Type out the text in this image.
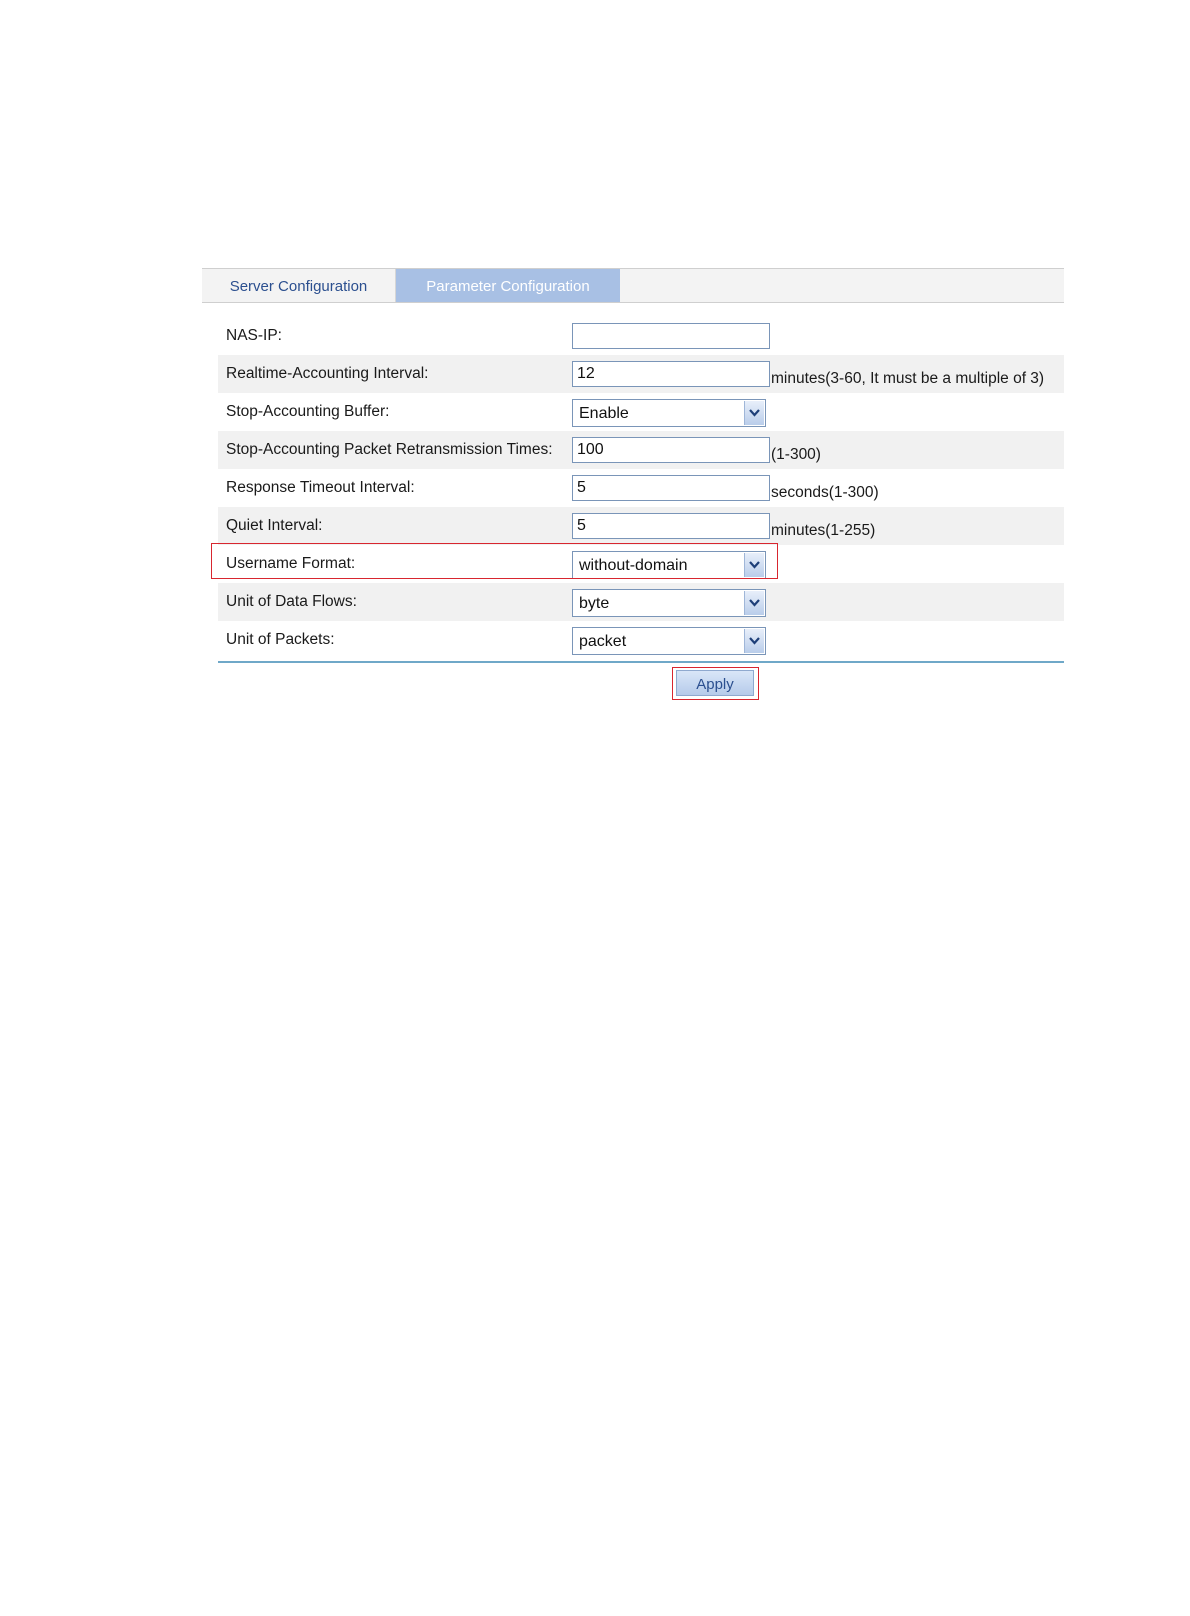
Server Configuration	Parameter Configuration
NAS-IP:
Realtime-Accounting Interval:
12	minutes(3-60, It must be a multiple of 3)
Stop-Accounting Buffer:	Enable
Stop-Accounting Packet Retransmission Times:
100	(1-300)
Response Timeout Interval:
5	seconds(1-300)
Quiet Interval:
5	minutes(1-255)
Username Format:	without-domain
Unit of Data Flows:	byte
Unit of Packets:	packet
Apply
